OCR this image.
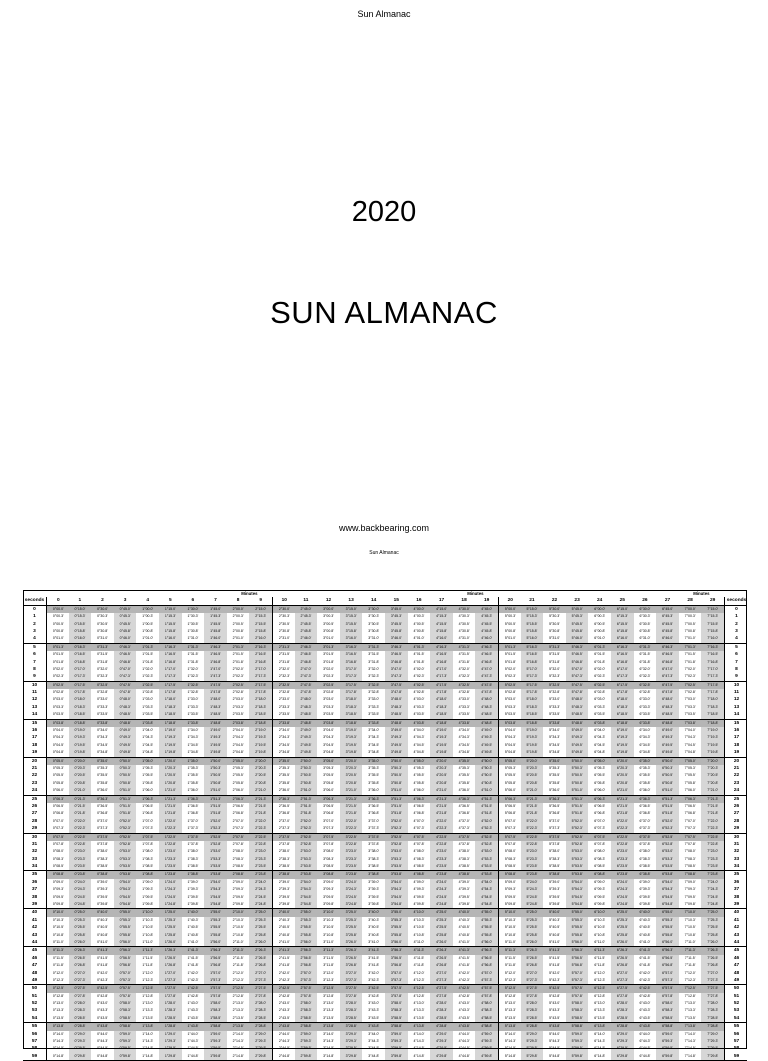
Sun Almanac
2020
SUN ALMANAC
www.backbearing.com
Sun Almanac
Minutes	Minutes	Minutes
seconds	0	1	2	3	4	5	6	7	8	9	10	11	12	13	14	15	16	17	18	19	20	21	22	23	24	25	26	27	28	29	seconds
0	0°00.0'	0°15.0'	0°30.0'	0°45.0'	1°00.0'	1°15.0'	1°30.0'	1°45.0'	2°00.0'	2°15.0'	2°30.0'	2°45.0'	3°00.0'	3°15.0'	3°30.0'	3°45.0'	4°00.0'	4°15.0'	4°30.0'	4°45.0'	5°00.0'	5°15.0'	5°30.0'	5°45.0'	6°00.0'	6°15.0'	6°30.0'	6°45.0'	7°00.0'	7°15.0'	0
1	0°00.3'	0°15.3'	0°30.3'	0°45.3'	1°00.3'	1°15.3'	1°30.3'	1°45.3'	2°00.3'	2°15.3'	2°30.3'	2°45.3'	3°00.3'	3°15.3'	3°30.3'	3°45.3'	4°00.3'	4°15.3'	4°30.3'	4°45.3'	5°00.3'	5°15.3'	5°30.3'	5°45.3'	6°00.3'	6°15.3'	6°30.3'	6°45.3'	7°00.3'	7°15.3'	1
2	0°00.5'	0°15.5'	0°30.5'	0°45.5'	1°00.5'	1°15.5'	1°30.5'	1°45.5'	2°00.5'	2°15.5'	2°30.5'	2°45.5'	3°00.5'	3°15.5'	3°30.5'	3°45.5'	4°00.5'	4°15.5'	4°30.5'	4°45.5'	5°00.5'	5°15.5'	5°30.5'	5°45.5'	6°00.5'	6°15.5'	6°30.5'	6°45.5'	7°00.5'	7°15.5'	2
3	0°00.8'	0°15.8'	0°30.8'	0°45.8'	1°00.8'	1°15.8'	1°30.8'	1°45.8'	2°00.8'	2°15.8'	2°30.8'	2°45.8'	3°00.8'	3°15.8'	3°30.8'	3°45.8'	4°00.8'	4°15.8'	4°30.8'	4°45.8'	5°00.8'	5°15.8'	5°30.8'	5°45.8'	6°00.8'	6°15.8'	6°30.8'	6°45.8'	7°00.8'	7°15.8'	3
4	0°01.0'	0°16.0'	0°31.0'	0°46.0'	1°01.0'	1°16.0'	1°31.0'	1°46.0'	2°01.0'	2°16.0'	2°31.0'	2°46.0'	3°01.0'	3°16.0'	3°31.0'	3°46.0'	4°01.0'	4°16.0'	4°31.0'	4°46.0'	5°01.0'	5°16.0'	5°31.0'	5°46.0'	6°01.0'	6°16.0'	6°31.0'	6°46.0'	7°01.0'	7°16.0'	4
5	0°01.3'	0°16.3'	0°31.3'	0°46.3'	1°01.3'	1°16.3'	1°31.3'	1°46.3'	2°01.3'	2°16.3'	2°31.3'	2°46.3'	3°01.3'	3°16.3'	3°31.3'	3°46.3'	4°01.3'	4°16.3'	4°31.3'	4°46.3'	5°01.3'	5°16.3'	5°31.3'	5°46.3'	6°01.3'	6°16.3'	6°31.3'	6°46.3'	7°01.3'	7°16.3'	5
6	0°01.5'	0°16.5'	0°31.5'	0°46.5'	1°01.5'	1°16.5'	1°31.5'	1°46.5'	2°01.5'	2°16.5'	2°31.5'	2°46.5'	3°01.5'	3°16.5'	3°31.5'	3°46.5'	4°01.5'	4°16.5'	4°31.5'	4°46.5'	5°01.5'	5°16.5'	5°31.5'	5°46.5'	6°01.5'	6°16.5'	6°31.5'	6°46.5'	7°01.5'	7°16.5'	6
7	0°01.8'	0°16.8'	0°31.8'	0°46.8'	1°01.8'	1°16.8'	1°31.8'	1°46.8'	2°01.8'	2°16.8'	2°31.8'	2°46.8'	3°01.8'	3°16.8'	3°31.8'	3°46.8'	4°01.8'	4°16.8'	4°31.8'	4°46.8'	5°01.8'	5°16.8'	5°31.8'	5°46.8'	6°01.8'	6°16.8'	6°31.8'	6°46.8'	7°01.8'	7°16.8'	7
8	0°02.0'	0°17.0'	0°32.0'	0°47.0'	1°02.0'	1°17.0'	1°32.0'	1°47.0'	2°02.0'	2°17.0'	2°32.0'	2°47.0'	3°02.0'	3°17.0'	3°32.0'	3°47.0'	4°02.0'	4°17.0'	4°32.0'	4°47.0'	5°02.0'	5°17.0'	5°32.0'	5°47.0'	6°02.0'	6°17.0'	6°32.0'	6°47.0'	7°02.0'	7°17.0'	8
9	0°02.3'	0°17.3'	0°32.3'	0°47.3'	1°02.3'	1°17.3'	1°32.3'	1°47.3'	2°02.3'	2°17.3'	2°32.3'	2°47.3'	3°02.3'	3°17.3'	3°32.3'	3°47.3'	4°02.3'	4°17.3'	4°32.3'	4°47.3'	5°02.3'	5°17.3'	5°32.3'	5°47.3'	6°02.3'	6°17.3'	6°32.3'	6°47.3'	7°02.3'	7°17.3'	9
10	0°02.5'	0°17.5'	0°32.5'	0°47.5'	1°02.5'	1°17.5'	1°32.5'	1°47.5'	2°02.5'	2°17.5'	2°32.5'	2°47.5'	3°02.5'	3°17.5'	3°32.5'	3°47.5'	4°02.5'	4°17.5'	4°32.5'	4°47.5'	5°02.5'	5°17.5'	5°32.5'	5°47.5'	6°02.5'	6°17.5'	6°32.5'	6°47.5'	7°02.5'	7°17.5'	10
11	0°02.8'	0°17.8'	0°32.8'	0°47.8'	1°02.8'	1°17.8'	1°32.8'	1°47.8'	2°02.8'	2°17.8'	2°32.8'	2°47.8'	3°02.8'	3°17.8'	3°32.8'	3°47.8'	4°02.8'	4°17.8'	4°32.8'	4°47.8'	5°02.8'	5°17.8'	5°32.8'	5°47.8'	6°02.8'	6°17.8'	6°32.8'	6°47.8'	7°02.8'	7°17.8'	11
12	0°03.0'	0°18.0'	0°33.0'	0°48.0'	1°03.0'	1°18.0'	1°33.0'	1°48.0'	2°03.0'	2°18.0'	2°33.0'	2°48.0'	3°03.0'	3°18.0'	3°33.0'	3°48.0'	4°03.0'	4°18.0'	4°33.0'	4°48.0'	5°03.0'	5°18.0'	5°33.0'	5°48.0'	6°03.0'	6°18.0'	6°33.0'	6°48.0'	7°03.0'	7°18.0'	12
13	0°03.3'	0°18.3'	0°33.3'	0°48.3'	1°03.3'	1°18.3'	1°33.3'	1°48.3'	2°03.3'	2°18.3'	2°33.3'	2°48.3'	3°03.3'	3°18.3'	3°33.3'	3°48.3'	4°03.3'	4°18.3'	4°33.3'	4°48.3'	5°03.3'	5°18.3'	5°33.3'	5°48.3'	6°03.3'	6°18.3'	6°33.3'	6°48.3'	7°03.3'	7°18.3'	13
14	0°03.5'	0°18.5'	0°33.5'	0°48.5'	1°03.5'	1°18.5'	1°33.5'	1°48.5'	2°03.5'	2°18.5'	2°33.5'	2°48.5'	3°03.5'	3°18.5'	3°33.5'	3°48.5'	4°03.5'	4°18.5'	4°33.5'	4°48.5'	5°03.5'	5°18.5'	5°33.5'	5°48.5'	6°03.5'	6°18.5'	6°33.5'	6°48.5'	7°03.5'	7°18.5'	14
15	0°03.8'	0°18.8'	0°33.8'	0°48.8'	1°03.8'	1°18.8'	1°33.8'	1°48.8'	2°03.8'	2°18.8'	2°33.8'	2°48.8'	3°03.8'	3°18.8'	3°33.8'	3°48.8'	4°03.8'	4°18.8'	4°33.8'	4°48.8'	5°03.8'	5°18.8'	5°33.8'	5°48.8'	6°03.8'	6°18.8'	6°33.8'	6°48.8'	7°03.8'	7°18.8'	15
16	0°04.0'	0°19.0'	0°34.0'	0°49.0'	1°04.0'	1°19.0'	1°34.0'	1°49.0'	2°04.0'	2°19.0'	2°34.0'	2°49.0'	3°04.0'	3°19.0'	3°34.0'	3°49.0'	4°04.0'	4°19.0'	4°34.0'	4°49.0'	5°04.0'	5°19.0'	5°34.0'	5°49.0'	6°04.0'	6°19.0'	6°34.0'	6°49.0'	7°04.0'	7°19.0'	16
17	0°04.3'	0°19.3'	0°34.3'	0°49.3'	1°04.3'	1°19.3'	1°34.3'	1°49.3'	2°04.3'	2°19.3'	2°34.3'	2°49.3'	3°04.3'	3°19.3'	3°34.3'	3°49.3'	4°04.3'	4°19.3'	4°34.3'	4°49.3'	5°04.3'	5°19.3'	5°34.3'	5°49.3'	6°04.3'	6°19.3'	6°34.3'	6°49.3'	7°04.3'	7°19.3'	17
18	0°04.5'	0°19.5'	0°34.5'	0°49.5'	1°04.5'	1°19.5'	1°34.5'	1°49.5'	2°04.5'	2°19.5'	2°34.5'	2°49.5'	3°04.5'	3°19.5'	3°34.5'	3°49.5'	4°04.5'	4°19.5'	4°34.5'	4°49.5'	5°04.5'	5°19.5'	5°34.5'	5°49.5'	6°04.5'	6°19.5'	6°34.5'	6°49.5'	7°04.5'	7°19.5'	18
19	0°04.8'	0°19.8'	0°34.8'	0°49.8'	1°04.8'	1°19.8'	1°34.8'	1°49.8'	2°04.8'	2°19.8'	2°34.8'	2°49.8'	3°04.8'	3°19.8'	3°34.8'	3°49.8'	4°04.8'	4°19.8'	4°34.8'	4°49.8'	5°04.8'	5°19.8'	5°34.8'	5°49.8'	6°04.8'	6°19.8'	6°34.8'	6°49.8'	7°04.8'	7°19.8'	19
20	0°05.0'	0°20.0'	0°35.0'	0°50.0'	1°05.0'	1°20.0'	1°35.0'	1°50.0'	2°05.0'	2°20.0'	2°35.0'	2°50.0'	3°05.0'	3°20.0'	3°35.0'	3°50.0'	4°05.0'	4°20.0'	4°35.0'	4°50.0'	5°05.0'	5°20.0'	5°35.0'	5°50.0'	6°05.0'	6°20.0'	6°35.0'	6°50.0'	7°05.0'	7°20.0'	20
21	0°05.3'	0°20.3'	0°35.3'	0°50.3'	1°05.3'	1°20.3'	1°35.3'	1°50.3'	2°05.3'	2°20.3'	2°35.3'	2°50.3'	3°05.3'	3°20.3'	3°35.3'	3°50.3'	4°05.3'	4°20.3'	4°35.3'	4°50.3'	5°05.3'	5°20.3'	5°35.3'	5°50.3'	6°05.3'	6°20.3'	6°35.3'	6°50.3'	7°05.3'	7°20.3'	21
22	0°05.5'	0°20.5'	0°35.5'	0°50.5'	1°05.5'	1°20.5'	1°35.5'	1°50.5'	2°05.5'	2°20.5'	2°35.5'	2°50.5'	3°05.5'	3°20.5'	3°35.5'	3°50.5'	4°05.5'	4°20.5'	4°35.5'	4°50.5'	5°05.5'	5°20.5'	5°35.5'	5°50.5'	6°05.5'	6°20.5'	6°35.5'	6°50.5'	7°05.5'	7°20.5'	22
23	0°05.8'	0°20.8'	0°35.8'	0°50.8'	1°05.8'	1°20.8'	1°35.8'	1°50.8'	2°05.8'	2°20.8'	2°35.8'	2°50.8'	3°05.8'	3°20.8'	3°35.8'	3°50.8'	4°05.8'	4°20.8'	4°35.8'	4°50.8'	5°05.8'	5°20.8'	5°35.8'	5°50.8'	6°05.8'	6°20.8'	6°35.8'	6°50.8'	7°05.8'	7°20.8'	23
24	0°06.0'	0°21.0'	0°36.0'	0°51.0'	1°06.0'	1°21.0'	1°36.0'	1°51.0'	2°06.0'	2°21.0'	2°36.0'	2°51.0'	3°06.0'	3°21.0'	3°36.0'	3°51.0'	4°06.0'	4°21.0'	4°36.0'	4°51.0'	5°06.0'	5°21.0'	5°36.0'	5°51.0'	6°06.0'	6°21.0'	6°36.0'	6°51.0'	7°06.0'	7°21.0'	24
25	0°06.3'	0°21.3'	0°36.3'	0°51.3'	1°06.3'	1°21.3'	1°36.3'	1°51.3'	2°06.3'	2°21.3'	2°36.3'	2°51.3'	3°06.3'	3°21.3'	3°36.3'	3°51.3'	4°06.3'	4°21.3'	4°36.3'	4°51.3'	5°06.3'	5°21.3'	5°36.3'	5°51.3'	6°06.3'	6°21.3'	6°36.3'	6°51.3'	7°06.3'	7°21.3'	25
26	0°06.5'	0°21.5'	0°36.5'	0°51.5'	1°06.5'	1°21.5'	1°36.5'	1°51.5'	2°06.5'	2°21.5'	2°36.5'	2°51.5'	3°06.5'	3°21.5'	3°36.5'	3°51.5'	4°06.5'	4°21.5'	4°36.5'	4°51.5'	5°06.5'	5°21.5'	5°36.5'	5°51.5'	6°06.5'	6°21.5'	6°36.5'	6°51.5'	7°06.5'	7°21.5'	26
27	0°06.8'	0°21.8'	0°36.8'	0°51.8'	1°06.8'	1°21.8'	1°36.8'	1°51.8'	2°06.8'	2°21.8'	2°36.8'	2°51.8'	3°06.8'	3°21.8'	3°36.8'	3°51.8'	4°06.8'	4°21.8'	4°36.8'	4°51.8'	5°06.8'	5°21.8'	5°36.8'	5°51.8'	6°06.8'	6°21.8'	6°36.8'	6°51.8'	7°06.8'	7°21.8'	27
28	0°07.0'	0°22.0'	0°37.0'	0°52.0'	1°07.0'	1°22.0'	1°37.0'	1°52.0'	2°07.0'	2°22.0'	2°37.0'	2°52.0'	3°07.0'	3°22.0'	3°37.0'	3°52.0'	4°07.0'	4°22.0'	4°37.0'	4°52.0'	5°07.0'	5°22.0'	5°37.0'	5°52.0'	6°07.0'	6°22.0'	6°37.0'	6°52.0'	7°07.0'	7°22.0'	28
29	0°07.3'	0°22.3'	0°37.3'	0°52.3'	1°07.3'	1°22.3'	1°37.3'	1°52.3'	2°07.3'	2°22.3'	2°37.3'	2°52.3'	3°07.3'	3°22.3'	3°37.3'	3°52.3'	4°07.3'	4°22.3'	4°37.3'	4°52.3'	5°07.3'	5°22.3'	5°37.3'	5°52.3'	6°07.3'	6°22.3'	6°37.3'	6°52.3'	7°07.3'	7°22.3'	29
30	0°07.5'	0°22.5'	0°37.5'	0°52.5'	1°07.5'	1°22.5'	1°37.5'	1°52.5'	2°07.5'	2°22.5'	2°37.5'	2°52.5'	3°07.5'	3°22.5'	3°37.5'	3°52.5'	4°07.5'	4°22.5'	4°37.5'	4°52.5'	5°07.5'	5°22.5'	5°37.5'	5°52.5'	6°07.5'	6°22.5'	6°37.5'	6°52.5'	7°07.5'	7°22.5'	30
31	0°07.8'	0°22.8'	0°37.8'	0°52.8'	1°07.8'	1°22.8'	1°37.8'	1°52.8'	2°07.8'	2°22.8'	2°37.8'	2°52.8'	3°07.8'	3°22.8'	3°37.8'	3°52.8'	4°07.8'	4°22.8'	4°37.8'	4°52.8'	5°07.8'	5°22.8'	5°37.8'	5°52.8'	6°07.8'	6°22.8'	6°37.8'	6°52.8'	7°07.8'	7°22.8'	31
32	0°08.0'	0°23.0'	0°38.0'	0°53.0'	1°08.0'	1°23.0'	1°38.0'	1°53.0'	2°08.0'	2°23.0'	2°38.0'	2°53.0'	3°08.0'	3°23.0'	3°38.0'	3°53.0'	4°08.0'	4°23.0'	4°38.0'	4°53.0'	5°08.0'	5°23.0'	5°38.0'	5°53.0'	6°08.0'	6°23.0'	6°38.0'	6°53.0'	7°08.0'	7°23.0'	32
33	0°08.3'	0°23.3'	0°38.3'	0°53.3'	1°08.3'	1°23.3'	1°38.3'	1°53.3'	2°08.3'	2°23.3'	2°38.3'	2°53.3'	3°08.3'	3°23.3'	3°38.3'	3°53.3'	4°08.3'	4°23.3'	4°38.3'	4°53.3'	5°08.3'	5°23.3'	5°38.3'	5°53.3'	6°08.3'	6°23.3'	6°38.3'	6°53.3'	7°08.3'	7°23.3'	33
34	0°08.5'	0°23.5'	0°38.5'	0°53.5'	1°08.5'	1°23.5'	1°38.5'	1°53.5'	2°08.5'	2°23.5'	2°38.5'	2°53.5'	3°08.5'	3°23.5'	3°38.5'	3°53.5'	4°08.5'	4°23.5'	4°38.5'	4°53.5'	5°08.5'	5°23.5'	5°38.5'	5°53.5'	6°08.5'	6°23.5'	6°38.5'	6°53.5'	7°08.5'	7°23.5'	34
35	0°08.8'	0°23.8'	0°38.8'	0°53.8'	1°08.8'	1°23.8'	1°38.8'	1°53.8'	2°08.8'	2°23.8'	2°38.8'	2°53.8'	3°08.8'	3°23.8'	3°38.8'	3°53.8'	4°08.8'	4°23.8'	4°38.8'	4°53.8'	5°08.8'	5°23.8'	5°38.8'	5°53.8'	6°08.8'	6°23.8'	6°38.8'	6°53.8'	7°08.8'	7°23.8'	35
36	0°09.0'	0°24.0'	0°39.0'	0°54.0'	1°09.0'	1°24.0'	1°39.0'	1°54.0'	2°09.0'	2°24.0'	2°39.0'	2°54.0'	3°09.0'	3°24.0'	3°39.0'	3°54.0'	4°09.0'	4°24.0'	4°39.0'	4°54.0'	5°09.0'	5°24.0'	5°39.0'	5°54.0'	6°09.0'	6°24.0'	6°39.0'	6°54.0'	7°09.0'	7°24.0'	36
37	0°09.3'	0°24.3'	0°39.3'	0°54.3'	1°09.3'	1°24.3'	1°39.3'	1°54.3'	2°09.3'	2°24.3'	2°39.3'	2°54.3'	3°09.3'	3°24.3'	3°39.3'	3°54.3'	4°09.3'	4°24.3'	4°39.3'	4°54.3'	5°09.3'	5°24.3'	5°39.3'	5°54.3'	6°09.3'	6°24.3'	6°39.3'	6°54.3'	7°09.3'	7°24.3'	37
38	0°09.5'	0°24.5'	0°39.5'	0°54.5'	1°09.5'	1°24.5'	1°39.5'	1°54.5'	2°09.5'	2°24.5'	2°39.5'	2°54.5'	3°09.5'	3°24.5'	3°39.5'	3°54.5'	4°09.5'	4°24.5'	4°39.5'	4°54.5'	5°09.5'	5°24.5'	5°39.5'	5°54.5'	6°09.5'	6°24.5'	6°39.5'	6°54.5'	7°09.5'	7°24.5'	38
39	0°09.8'	0°24.8'	0°39.8'	0°54.8'	1°09.8'	1°24.8'	1°39.8'	1°54.8'	2°09.8'	2°24.8'	2°39.8'	2°54.8'	3°09.8'	3°24.8'	3°39.8'	3°54.8'	4°09.8'	4°24.8'	4°39.8'	4°54.8'	5°09.8'	5°24.8'	5°39.8'	5°54.8'	6°09.8'	6°24.8'	6°39.8'	6°54.8'	7°09.8'	7°24.8'	39
40	0°10.0'	0°25.0'	0°40.0'	0°55.0'	1°10.0'	1°25.0'	1°40.0'	1°55.0'	2°10.0'	2°25.0'	2°40.0'	2°55.0'	3°10.0'	3°25.0'	3°40.0'	3°55.0'	4°10.0'	4°25.0'	4°40.0'	4°55.0'	5°10.0'	5°25.0'	5°40.0'	5°55.0'	6°10.0'	6°25.0'	6°40.0'	6°55.0'	7°10.0'	7°25.0'	40
41	0°10.3'	0°25.3'	0°40.3'	0°55.3'	1°10.3'	1°25.3'	1°40.3'	1°55.3'	2°10.3'	2°25.3'	2°40.3'	2°55.3'	3°10.3'	3°25.3'	3°40.3'	3°55.3'	4°10.3'	4°25.3'	4°40.3'	4°55.3'	5°10.3'	5°25.3'	5°40.3'	5°55.3'	6°10.3'	6°25.3'	6°40.3'	6°55.3'	7°10.3'	7°25.3'	41
42	0°10.5'	0°25.5'	0°40.5'	0°55.5'	1°10.5'	1°25.5'	1°40.5'	1°55.5'	2°10.5'	2°25.5'	2°40.5'	2°55.5'	3°10.5'	3°25.5'	3°40.5'	3°55.5'	4°10.5'	4°25.5'	4°40.5'	4°55.5'	5°10.5'	5°25.5'	5°40.5'	5°55.5'	6°10.5'	6°25.5'	6°40.5'	6°55.5'	7°10.5'	7°25.5'	42
43	0°10.8'	0°25.8'	0°40.8'	0°55.8'	1°10.8'	1°25.8'	1°40.8'	1°55.8'	2°10.8'	2°25.8'	2°40.8'	2°55.8'	3°10.8'	3°25.8'	3°40.8'	3°55.8'	4°10.8'	4°25.8'	4°40.8'	4°55.8'	5°10.8'	5°25.8'	5°40.8'	5°55.8'	6°10.8'	6°25.8'	6°40.8'	6°55.8'	7°10.8'	7°25.8'	43
44	0°11.0'	0°26.0'	0°41.0'	0°56.0'	1°11.0'	1°26.0'	1°41.0'	1°56.0'	2°11.0'	2°26.0'	2°41.0'	2°56.0'	3°11.0'	3°26.0'	3°41.0'	3°56.0'	4°11.0'	4°26.0'	4°41.0'	4°56.0'	5°11.0'	5°26.0'	5°41.0'	5°56.0'	6°11.0'	6°26.0'	6°41.0'	6°56.0'	7°11.0'	7°26.0'	44
45	0°11.3'	0°26.3'	0°41.3'	0°56.3'	1°11.3'	1°26.3'	1°41.3'	1°56.3'	2°11.3'	2°26.3'	2°41.3'	2°56.3'	3°11.3'	3°26.3'	3°41.3'	3°56.3'	4°11.3'	4°26.3'	4°41.3'	4°56.3'	5°11.3'	5°26.3'	5°41.3'	5°56.3'	6°11.3'	6°26.3'	6°41.3'	6°56.3'	7°11.3'	7°26.3'	45
46	0°11.5'	0°26.5'	0°41.5'	0°56.5'	1°11.5'	1°26.5'	1°41.5'	1°56.5'	2°11.5'	2°26.5'	2°41.5'	2°56.5'	3°11.5'	3°26.5'	3°41.5'	3°56.5'	4°11.5'	4°26.5'	4°41.5'	4°56.5'	5°11.5'	5°26.5'	5°41.5'	5°56.5'	6°11.5'	6°26.5'	6°41.5'	6°56.5'	7°11.5'	7°26.5'	46
47	0°11.8'	0°26.8'	0°41.8'	0°56.8'	1°11.8'	1°26.8'	1°41.8'	1°56.8'	2°11.8'	2°26.8'	2°41.8'	2°56.8'	3°11.8'	3°26.8'	3°41.8'	3°56.8'	4°11.8'	4°26.8'	4°41.8'	4°56.8'	5°11.8'	5°26.8'	5°41.8'	5°56.8'	6°11.8'	6°26.8'	6°41.8'	6°56.8'	7°11.8'	7°26.8'	47
48	0°12.0'	0°27.0'	0°42.0'	0°57.0'	1°12.0'	1°27.0'	1°42.0'	1°57.0'	2°12.0'	2°27.0'	2°42.0'	2°57.0'	3°12.0'	3°27.0'	3°42.0'	3°57.0'	4°12.0'	4°27.0'	4°42.0'	4°57.0'	5°12.0'	5°27.0'	5°42.0'	5°57.0'	6°12.0'	6°27.0'	6°42.0'	6°57.0'	7°12.0'	7°27.0'	48
49	0°12.3'	0°27.3'	0°42.3'	0°57.3'	1°12.3'	1°27.3'	1°42.3'	1°57.3'	2°12.3'	2°27.3'	2°42.3'	2°57.3'	3°12.3'	3°27.3'	3°42.3'	3°57.3'	4°12.3'	4°27.3'	4°42.3'	4°57.3'	5°12.3'	5°27.3'	5°42.3'	5°57.3'	6°12.3'	6°27.3'	6°42.3'	6°57.3'	7°12.3'	7°27.3'	49
50	0°12.5'	0°27.5'	0°42.5'	0°57.5'	1°12.5'	1°27.5'	1°42.5'	1°57.5'	2°12.5'	2°27.5'	2°42.5'	2°57.5'	3°12.5'	3°27.5'	3°42.5'	3°57.5'	4°12.5'	4°27.5'	4°42.5'	4°57.5'	5°12.5'	5°27.5'	5°42.5'	5°57.5'	6°12.5'	6°27.5'	6°42.5'	6°57.5'	7°12.5'	7°27.5'	50
51	0°12.8'	0°27.8'	0°42.8'	0°57.8'	1°12.8'	1°27.8'	1°42.8'	1°57.8'	2°12.8'	2°27.8'	2°42.8'	2°57.8'	3°12.8'	3°27.8'	3°42.8'	3°57.8'	4°12.8'	4°27.8'	4°42.8'	4°57.8'	5°12.8'	5°27.8'	5°42.8'	5°57.8'	6°12.8'	6°27.8'	6°42.8'	6°57.8'	7°12.8'	7°27.8'	51
52	0°13.0'	0°28.0'	0°43.0'	0°58.0'	1°13.0'	1°28.0'	1°43.0'	1°58.0'	2°13.0'	2°28.0'	2°43.0'	2°58.0'	3°13.0'	3°28.0'	3°43.0'	3°58.0'	4°13.0'	4°28.0'	4°43.0'	4°58.0'	5°13.0'	5°28.0'	5°43.0'	5°58.0'	6°13.0'	6°28.0'	6°43.0'	6°58.0'	7°13.0'	7°28.0'	52
53	0°13.3'	0°28.3'	0°43.3'	0°58.3'	1°13.3'	1°28.3'	1°43.3'	1°58.3'	2°13.3'	2°28.3'	2°43.3'	2°58.3'	3°13.3'	3°28.3'	3°43.3'	3°58.3'	4°13.3'	4°28.3'	4°43.3'	4°58.3'	5°13.3'	5°28.3'	5°43.3'	5°58.3'	6°13.3'	6°28.3'	6°43.3'	6°58.3'	7°13.3'	7°28.3'	53
54	0°13.5'	0°28.5'	0°43.5'	0°58.5'	1°13.5'	1°28.5'	1°43.5'	1°58.5'	2°13.5'	2°28.5'	2°43.5'	2°58.5'	3°13.5'	3°28.5'	3°43.5'	3°58.5'	4°13.5'	4°28.5'	4°43.5'	4°58.5'	5°13.5'	5°28.5'	5°43.5'	5°58.5'	6°13.5'	6°28.5'	6°43.5'	6°58.5'	7°13.5'	7°28.5'	54
55	0°13.8'	0°28.8'	0°43.8'	0°58.8'	1°13.8'	1°28.8'	1°43.8'	1°58.8'	2°13.8'	2°28.8'	2°43.8'	2°58.8'	3°13.8'	3°28.8'	3°43.8'	3°58.8'	4°13.8'	4°28.8'	4°43.8'	4°58.8'	5°13.8'	5°28.8'	5°43.8'	5°58.8'	6°13.8'	6°28.8'	6°43.8'	6°58.8'	7°13.8'	7°28.8'	55
56	0°14.0'	0°29.0'	0°44.0'	0°59.0'	1°14.0'	1°29.0'	1°44.0'	1°59.0'	2°14.0'	2°29.0'	2°44.0'	2°59.0'	3°14.0'	3°29.0'	3°44.0'	3°59.0'	4°14.0'	4°29.0'	4°44.0'	4°59.0'	5°14.0'	5°29.0'	5°44.0'	5°59.0'	6°14.0'	6°29.0'	6°44.0'	6°59.0'	7°14.0'	7°29.0'	56
57	0°14.3'	0°29.3'	0°44.3'	0°59.3'	1°14.3'	1°29.3'	1°44.3'	1°59.3'	2°14.3'	2°29.3'	2°44.3'	2°59.3'	3°14.3'	3°29.3'	3°44.3'	3°59.3'	4°14.3'	4°29.3'	4°44.3'	4°59.3'	5°14.3'	5°29.3'	5°44.3'	5°59.3'	6°14.3'	6°29.3'	6°44.3'	6°59.3'	7°14.3'	7°29.3'	57
58	0°14.5'	0°29.5'	0°44.5'	0°59.5'	1°14.5'	1°29.5'	1°44.5'	1°59.5'	2°14.5'	2°29.5'	2°44.5'	2°59.5'	3°14.5'	3°29.5'	3°44.5'	3°59.5'	4°14.5'	4°29.5'	4°44.5'	4°59.5'	5°14.5'	5°29.5'	5°44.5'	5°59.5'	6°14.5'	6°29.5'	6°44.5'	6°59.5'	7°14.5'	7°29.5'	58
59	0°14.8'	0°29.8'	0°44.8'	0°59.8'	1°14.8'	1°29.8'	1°44.8'	1°59.8'	2°14.8'	2°29.8'	2°44.8'	2°59.8'	3°14.8'	3°29.8'	3°44.8'	3°59.8'	4°14.8'	4°29.8'	4°44.8'	4°59.8'	5°14.8'	5°29.8'	5°44.8'	5°59.8'	6°14.8'	6°29.8'	6°44.8'	6°59.8'	7°14.8'	7°29.8'	59
